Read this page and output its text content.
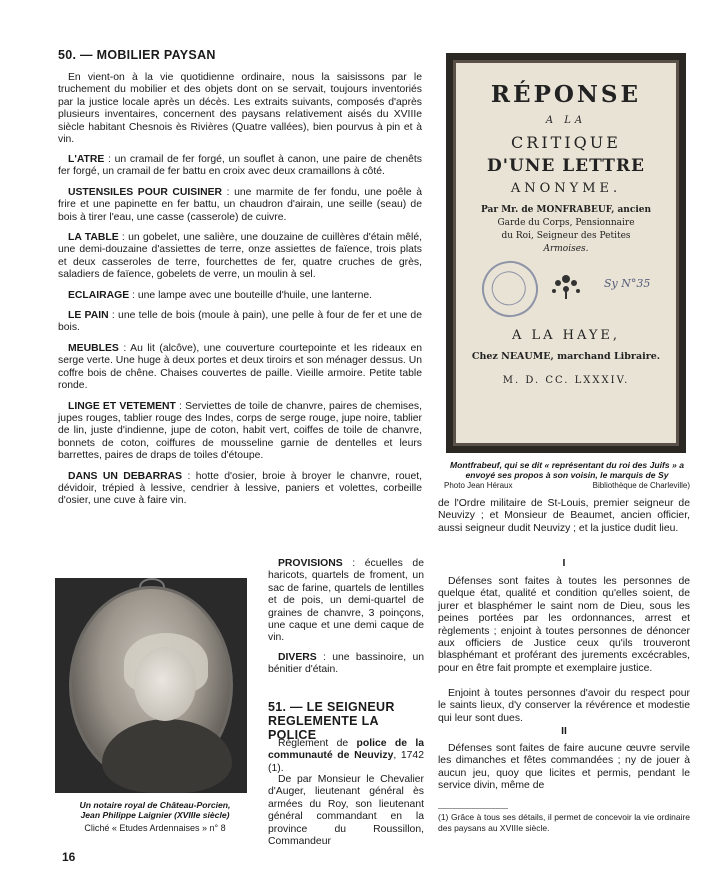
50. — MOBILIER PAYSAN

En vient-on à la vie quotidienne ordinaire, nous la saisissons par le truchement du mobilier et des objets dont on se servait, toujours inventoriés par la justice locale après un décès. Les extraits suivants, composés d'après plusieurs inventaires, concernent des paysans relativement aisés du XVIIIe siècle habitant Chesnois ès Rivières (Quatre vallées), bien pourvus à pin et à vin.

L'ATRE : un cramail de fer forgé, un souflet à canon, une paire de chenêts fer forgé, un cramail de fer battu en croix avec deux cramaillons à côté.

USTENSILES POUR CUISINER : une marmite de fer fondu, une poêle à frire et une papinette en fer battu, un chaudron d'airain, une seille (seau) de bois à tirer l'eau, une casse (casserole) de cuivre.

LA TABLE : un gobelet, une salière, une douzaine de cuillères d'étain mêlé, une demi-douzaine d'assiettes de terre, onze assiettes de faïence, trois plats et deux casseroles de terre, fourchettes de fer, quatre cruches de grès, saladiers de faïence, gobelets de verre, un moulin à sel.

ECLAIRAGE : une lampe avec une bouteille d'huile, une lanterne.

LE PAIN : une telle de bois (moule à pain), une pelle à four de fer et une de bois.

MEUBLES : Au lit (alcôve), une couverture courtepointe et les rideaux en serge verte. Une huge à deux portes et deux tiroirs et son ménager dessus. Un coffre bois de chêne. Chaises couvertes de paille. Vieille armoire. Petite table ronde.

LINGE ET VETEMENT : Serviettes de toile de chanvre, paires de chemises, jupes rouges, tablier rouge des Indes, corps de serge rouge, jupe noire, tablier de lin, juste d'indienne, jupe de coton, habit vert, coiffes de toile de chanvre, bonnets de coton, coiffures de mousseline garnie de dentelles et leurs barrettes, paires de draps de toiles d'étoupe.

DANS UN DEBARRAS : hotte d'osier, broie à broyer le chanvre, rouet, dévidoir, trépied à lessive, cendrier à lessive, paniers et volettes, corbeille d'osier, une cuve à faire vin.

RÉPONSE
A LA
CRITIQUE
D'UNE LETTRE
ANONYME.
Par Mr. de MONFRABEUF, ancien
Garde du Corps, Pensionnaire
du Roi, Seigneur des Petites
Armoises.
Sy N°35
A LA HAYE,
Chez NEAUME, marchand Libraire.
M. D. CC. LXXXIV.
Montfrabeuf, qui se dit « représentant du roi des Juifs » a envoyé ses propos à son voisin, le marquis de Sy
Photo Jean Héraux	Bibliothèque de Charleville)

de l'Ordre militaire de St-Louis, premier seigneur de Neuvizy ; et Monsieur de Beaumet, ancien officier, aussi seigneur dudit Neuvizy ; et la justice dudit lieu.

I

Défenses sont faites à toutes les personnes de quelque état, qualité et condition qu'elles soient, de jurer et blasphémer le saint nom de Dieu, sous les peines portées par les ordonnances, arrest et règlements ; enjoint à toutes personnes de dénoncer aux officiers de Justice ceux qu'ils trouveront blasphémant et proférant des jurements excécrables, pour en être fait prompte et exemplaire justice.

Enjoint à toutes personnes d'avoir du respect pour le saints lieux, d'y conserver la révérence et modestie qui leur sont dues.

II

Défenses sont faites de faire aucune œuvre servile les dimanches et fêtes commandées ; ny de jouer à aucun jeu, quoy que licites et permis, pendant le service divin, même de

(1) Grâce à tous ses détails, il permet de concevoir la vie ordinaire des paysans au XVIIIe siècle.

PROVISIONS : écuelles de haricots, quartels de froment, un sac de farine, quartels de lentilles et de pois, un demi-quartel de graines de chanvre, 3 poinçons, une caque et une demi caque de vin.

DIVERS : une bassinoire, un bénitier d'étain.

51. — LE SEIGNEUR
REGLEMENTE LA POLICE

Règlement de police de la communauté de Neuvizy, 1742 (1).

De par Monsieur le Chevalier d'Auger, lieutenant général ès armées du Roy, son lieutenant général commandant en la province du Roussillon, Commandeur

Un notaire royal de Château-Porcien,
Jean Philippe Laignier (XVIIIe siècle)
Cliché « Etudes Ardennaises » n° 8
16
